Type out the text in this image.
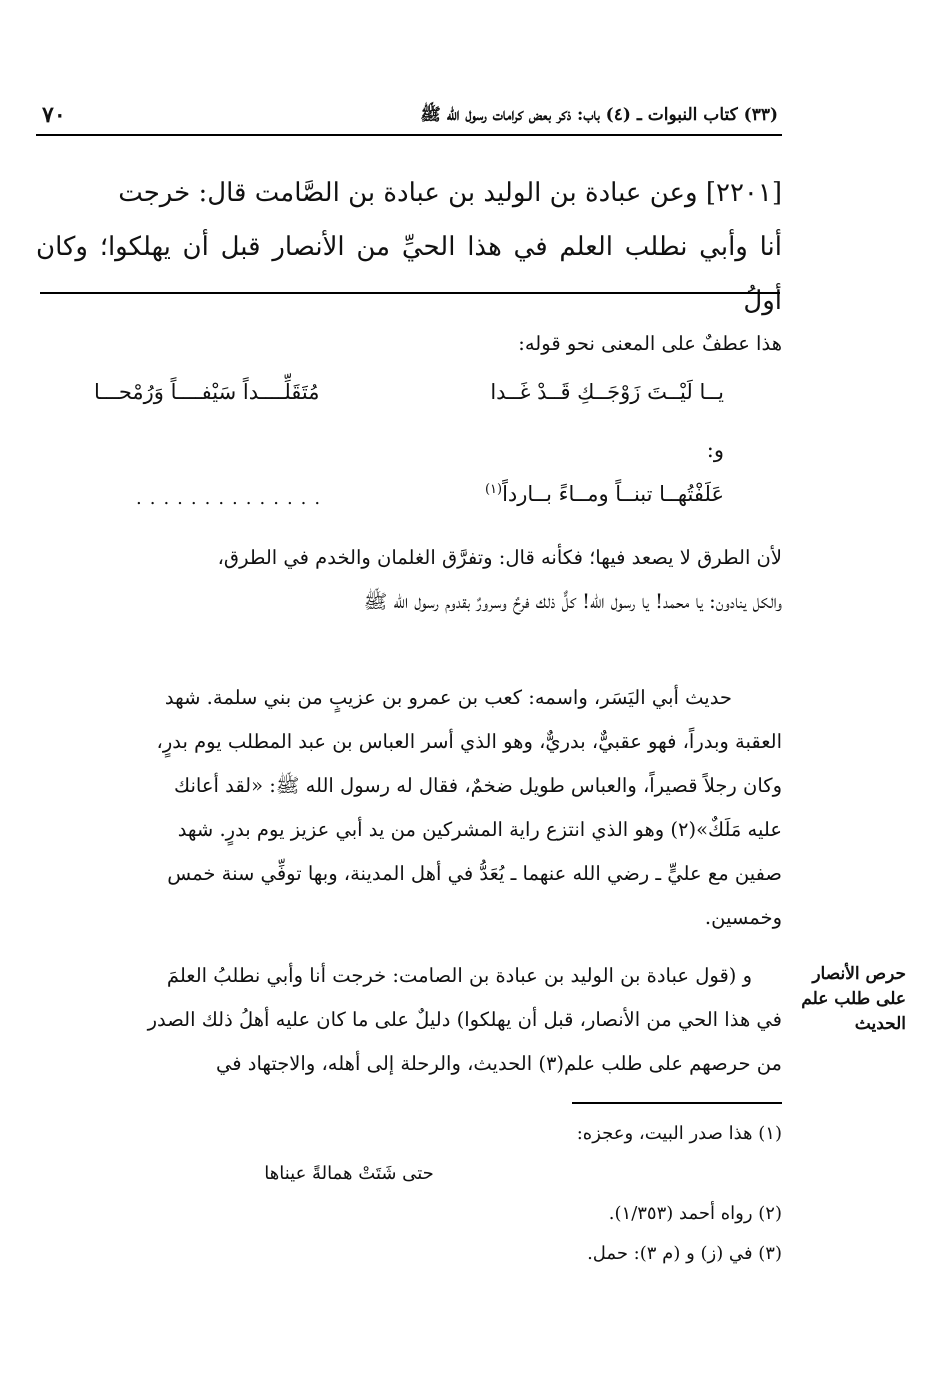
٧٠	(٣٣) كتاب النبوات ـ (٤) باب: ذكر بعض كرامات رسول الله ﷺ

[٢٢٠١] وعن عبادة بن الوليد بن عبادة بن الصَّامت قال: خرجت

أنا وأبي نطلب العلم في هذا الحيِّ من الأنصار قبل أن يهلكوا؛ وكان أولُ

هذا عطفٌ على المعنى نحو قوله:

يــا لَيْــتَ زَوْجَــكِ قَــدْ غَــدا
مُتَقَلِّــــداً سَيْفــــاً وَرُمْحـــا
و:
عَلَفْتُهــا تبنــاً ومــاءً بــارداً$^{(١)}$
..............

لأن الطرق لا يصعد فيها؛ فكأنه قال: وتفرَّق الغلمان والخدم في الطرق،

والكل ينادون: يا محمد! يا رسول الله! كلٌّ ذلك فرحٌ وسرورٌ بقدوم رسول الله ﷺ

حديث أبي اليَسَر، واسمه: كعب بن عمرو بن عزيبٍ من بني سلمة. شهد

العقبة وبدراً، فهو عقبيٌّ، بدريٌّ، وهو الذي أسر العباس بن عبد المطلب يوم بدرٍ،

وكان رجلاً قصيراً، والعباس طويل ضخمٌ، فقال له رسول الله ﷺ: «لقد أعانك

عليه مَلَكٌ»(٢) وهو الذي انتزع راية المشركين من يد أبي عزيز يوم بدرٍ. شهد

صفين مع عليٍّ ـ رضي الله عنهما ـ يُعَدُّ في أهل المدينة، وبها توفِّي سنة خمس

وخمسين.

و (قول عبادة بن الوليد بن عبادة بن الصامت: خرجت أنا وأبي نطلبُ العلمَ

في هذا الحي من الأنصار، قبل أن يهلكوا) دليلٌ على ما كان عليه أهلُ ذلك الصدر

من حرصهم على طلب علم(٣) الحديث، والرحلة إلى أهله، والاجتهاد في

حرص الأنصار
على طلب علم
الحديث
(١) هذا صدر البيت، وعجزه:
حتى شَتَتْ همالةً عيناها
(٢) رواه أحمد (١/٣٥٣).
(٣) في (ز) و (م ٣): حمل.
